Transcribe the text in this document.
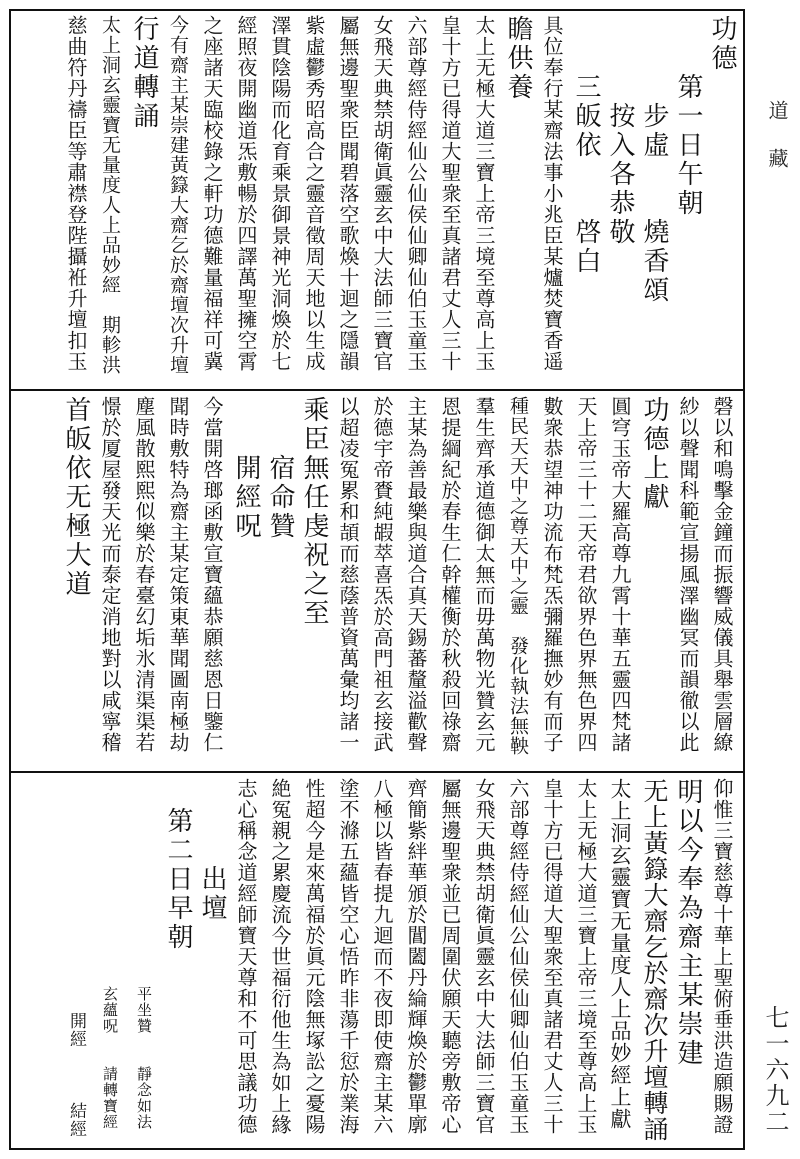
功德
　　第一日午朝
　　　步虛　　燒香頌
　　　按入各恭敬
　　三皈依　　啓白
具位奉行某齋法事小兆臣某爐焚寶香遥
瞻供養
太上无極大道三寶上帝三境至尊高上玉
皇十方已得道大聖衆至真諸君丈人三十
六部尊經侍經仙公仙侯仙卿仙伯玉童玉
女飛天典禁胡衛眞靈玄中大法師三寶官
屬無邊聖衆臣聞碧落空歌煥十迴之隱韻
紫虛鬱秀昭高合之靈音徵周天地以生成
澤貫陰陽而化育乘景御景神光洞煥於七
經照夜開幽道炁敷暢於四譯萬聖擁空霄
之座諸天臨校錄之軒功德難量福祥可冀
今有齋主某崇建黃籙大齋乞於齋壇次升壇
行道轉誦
太上洞玄靈寶无量度人上品妙經　期軫洪
慈曲符丹禱臣等肅襟登陛攝袵升壇扣玉
磬以和鳴擊金鐘而振響威儀具舉雲層繚
紗以聲聞科範宣揚風澤幽冥而韻徹以此
功德上獻
圓穹玉帝大羅高尊九霄十華五靈四梵諸
天上帝三十二天帝君欲界色界無色界四
數衆恭望神功流布梵炁彌羅撫妙有而子
種民天天中之尊天中之靈　發化執法無鞅
羣生齊承道德御太無而毋萬物光贊玄元
恩提綱紀於春生仁幹權衡於秋殺回祿齋
主某為善最樂與道合真天錫蕃釐溢歡聲
於德宇帝賚純嘏萃喜炁於高門祖玄接武
以超凌冤累和頡而慈蔭普資萬彙均諸一
乘臣無任虔祝之至
　　宿命贊
　　開經呪
今當開啓瑯函敷宣寶蘊恭願慈恩日鑒仁
聞時敷特為齋主某定策東華聞圖南極劫
塵風散熙熙似樂於春臺幻垢氷清渠渠若
憬於厦屋發天光而泰定消地對以咸寧稽
首皈依无極大道
仰惟三寶慈尊十華上聖俯垂洪造願賜證
明以今奉為齋主某崇建
无上黃籙大齋乞於齋次升壇轉誦
太上洞玄靈寶无量度人上品妙經上獻
太上无極大道三寶上帝三境至尊高上玉
皇十方已得道大聖衆至真諸君丈人三十
六部尊經侍經仙公仙侯仙卿仙伯玉童玉
女飛天典禁胡衛眞靈玄中大法師三寶官
屬無邊聖衆並已周圍伏願天聽旁敷帝心
齊簡紫絆華頒於閶闔丹綸輝煥於鬱單廓
八極以皆春提九迴而不夜即使齋主某六
塗不滌五蘊皆空心悟昨非蕩千愆於業海
性超今是來萬福於眞元陰無塚訟之憂陽
絶冤親之累慶流今世福衍他生為如上緣
志心稱念道經師寶天尊和不可思議功德
　　　出壇
　第二日早朝
　　　　　　　　　　　　　平坐贊　　靜念如法
　　　　　　　　　　　　　玄蘊呪　　請轉寶經
　　　　　　　　　　　　　開經　　　結經
道藏
七一六九二
